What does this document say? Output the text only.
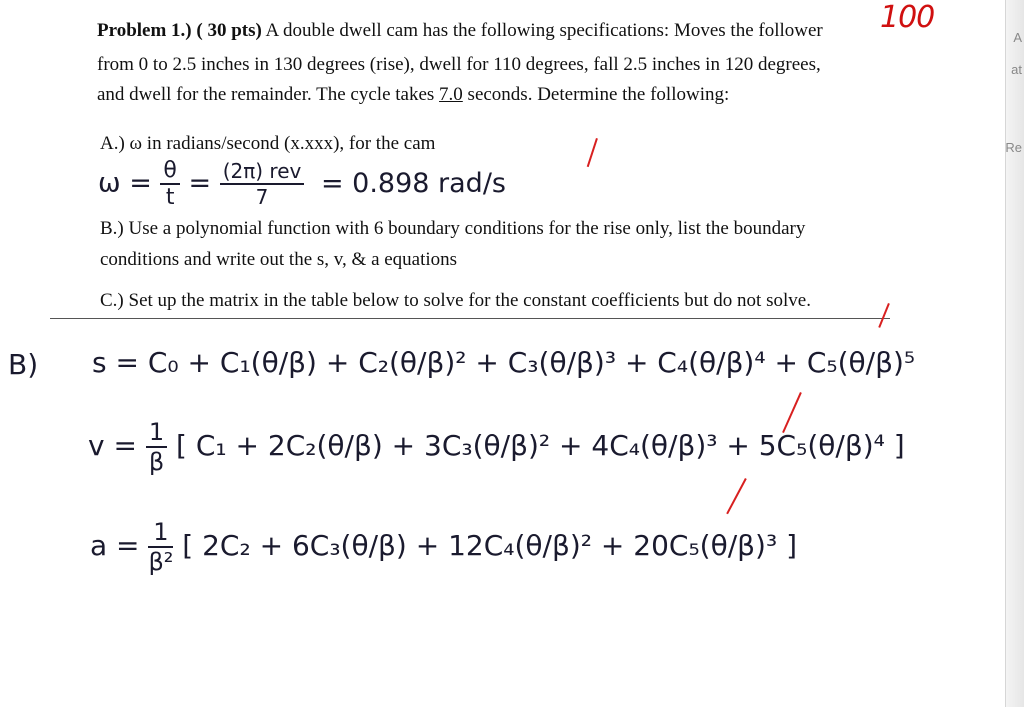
A
at
Re
100
Problem 1.) ( 30 pts) A double dwell cam has the following specifications: Moves the follower
from 0 to 2.5 inches in 130 degrees (rise), dwell for 110 degrees, fall 2.5 inches in 120 degrees,
and dwell for the remainder. The cycle takes 7.0 seconds. Determine the following:
A.) ω in radians/second (x.xxx), for the cam
$\omega = \frac{\theta}{t} = \frac{\text{(2π) rev}}{7} = 0.898$ rad/s
B.) Use a polynomial function with 6 boundary conditions for the rise only, list the boundary
conditions and write out the s, v, & a equations
C.) Set up the matrix in the table below to solve for the constant coefficients but do not solve.
B) s = C₀ + C₁(θ/β) + C₂(θ/β)² + C₃(θ/β)³ + C₄(θ/β)⁴ + C₅(θ/β)⁵
$v = \frac{1}{\beta}$ [ C₁ + 2C₂(θ/β) + 3C₃(θ/β)² + 4C₄(θ/β)³ + 5C₅(θ/β)⁴ ]
$a = \frac{1}{\text{β²}}$ [ 2C₂ + 6C₃(θ/β) + 12C₄(θ/β)² + 20C₅(θ/β)³ ]
